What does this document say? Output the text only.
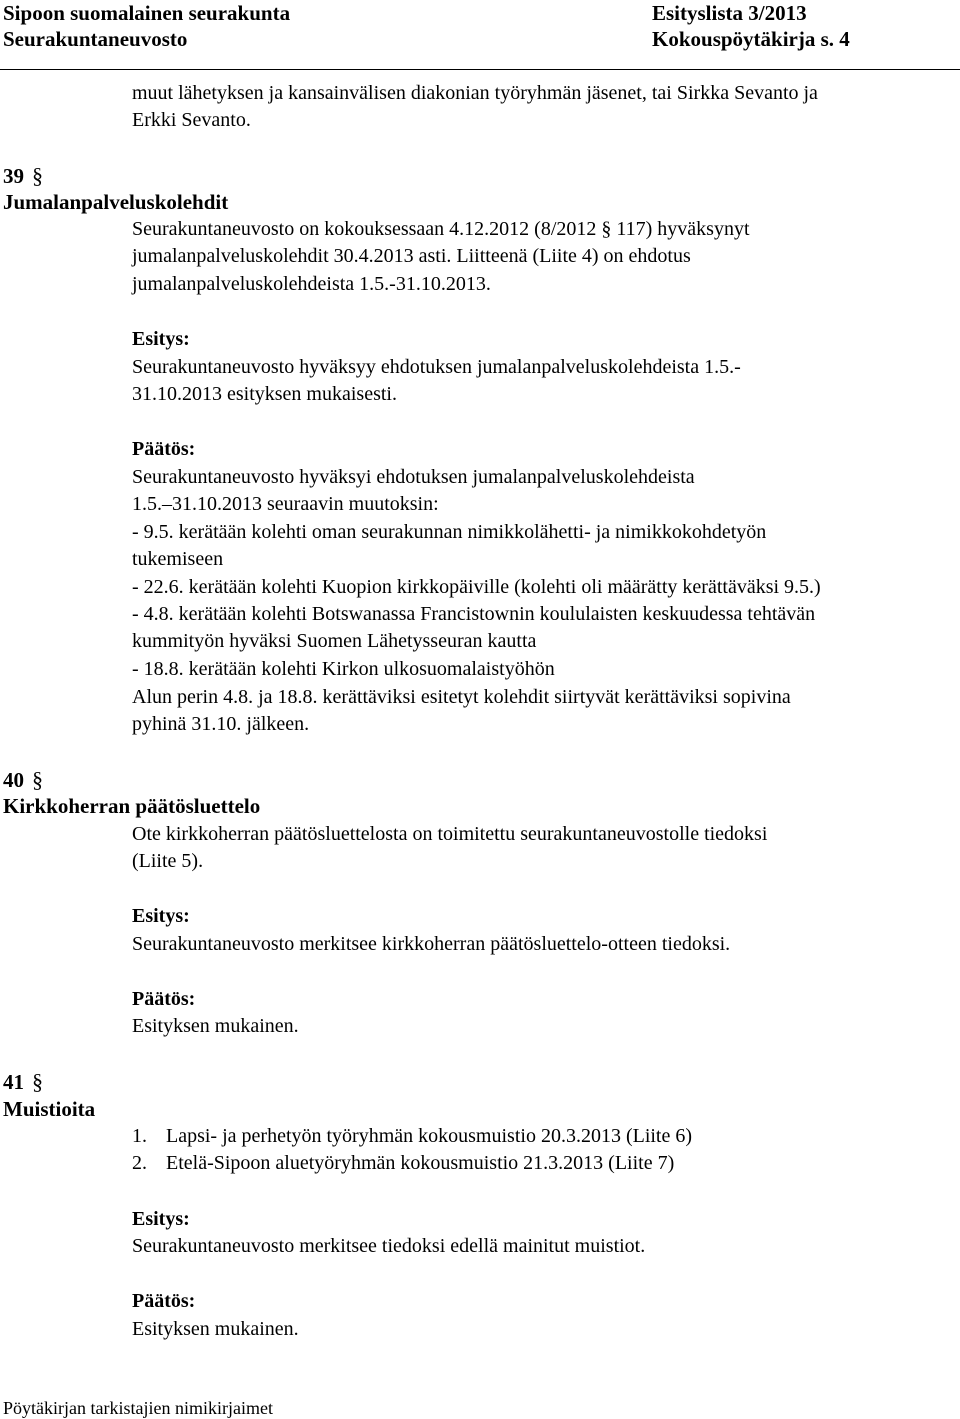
Sipoon suomalainen seurakunta
Seurakuntaneuvosto
Esityslista 3/2013
Kokouspöytäkirja s. 4
muut lähetyksen ja kansainvälisen diakonian työryhmän jäsenet, tai Sirkka Sevanto ja
Erkki Sevanto.
39 §
Jumalanpalveluskolehdit
Seurakuntaneuvosto on kokouksessaan 4.12.2012 (8/2012 § 117) hyväksynyt
jumalanpalveluskolehdit 30.4.2013 asti. Liitteenä (Liite 4) on ehdotus
jumalanpalveluskolehdeista 1.5.-31.10.2013.
Esitys:
Seurakuntaneuvosto hyväksyy ehdotuksen jumalanpalveluskolehdeista 1.5.-
31.10.2013 esityksen mukaisesti.
Päätös:
Seurakuntaneuvosto hyväksyi ehdotuksen jumalanpalveluskolehdeista
1.5.–31.10.2013 seuraavin muutoksin:
- 9.5. kerätään kolehti oman seurakunnan nimikkolähetti- ja nimikkokohdetyön
tukemiseen
- 22.6. kerätään kolehti Kuopion kirkkopäiville (kolehti oli määrätty kerättäväksi 9.5.)
- 4.8. kerätään kolehti Botswanassa Francistownin koululaisten keskuudessa tehtävän
kummityön hyväksi Suomen Lähetysseuran kautta
- 18.8. kerätään kolehti Kirkon ulkosuomalaistyöhön
Alun perin 4.8. ja 18.8. kerättäviksi esitetyt kolehdit siirtyvät kerättäviksi sopivina
pyhinä 31.10. jälkeen.
40 §
Kirkkoherran päätösluettelo
Ote kirkkoherran päätösluettelosta on toimitettu seurakuntaneuvostolle tiedoksi
(Liite 5).
Esitys:
Seurakuntaneuvosto merkitsee kirkkoherran päätösluettelo-otteen tiedoksi.
Päätös:
Esityksen mukainen.
41 §
Muistioita
1. Lapsi- ja perhetyön työryhmän kokousmuistio 20.3.2013 (Liite 6)
2. Etelä-Sipoon aluetyöryhmän kokousmuistio 21.3.2013 (Liite 7)
Esitys:
Seurakuntaneuvosto merkitsee tiedoksi edellä mainitut muistiot.
Päätös:
Esityksen mukainen.
Pöytäkirjan tarkistajien nimikirjaimet
